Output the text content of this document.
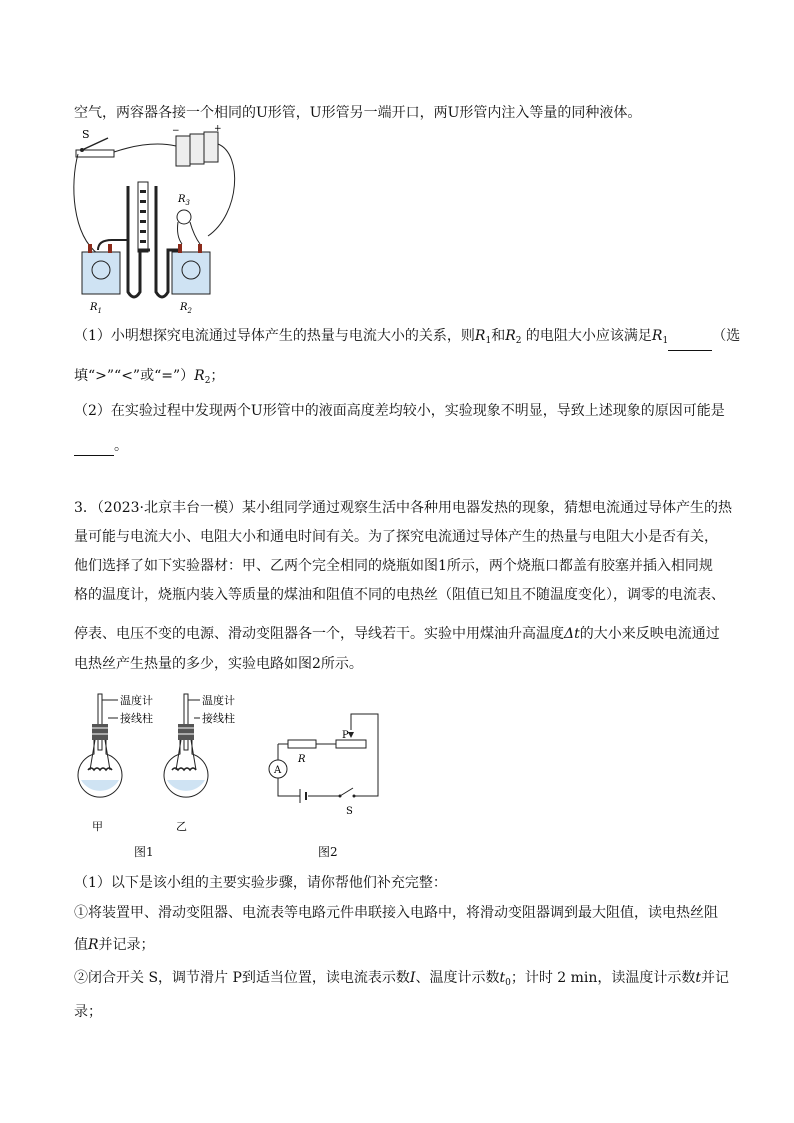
空气，两容器各接一个相同的U形管，U形管另一端开口，两U形管内注入等量的同种液体。
S	−	+
$R_3$
$R_1$	$R_2$
（1）小明想探究电流通过导体产生的热量与电流大小的关系，则$R_1$和$R_2$ 的电阻大小应该满足$R_1$	（选
填“>”“<”或“$=”)R_2$；
（2）在实验过程中发现两个U形管中的液面高度差均较小，实验现象不明显，导致上述现象的原因可能是
。
3．（2023·北京丰台一模）某小组同学通过观察生活中各种用电器发热的现象，猜想电流通过导体产生的热
量可能与电流大小、电阻大小和通电时间有关。为了探究电流通过导体产生的热量与电阻大小是否有关，
他们选择了如下实验器材：甲、乙两个完全相同的烧瓶如图1所示，两个烧瓶口都盖有胶塞并插入相同规
格的温度计，烧瓶内装入等质量的煤油和阻值不同的电热丝（阻值已知且不随温度变化），调零的电流表、
停表、电压不变的电源、滑动变阻器各一个，导线若干。实验中用煤油升高温度Δt的大小来反映电流通过
电热丝产生热量的多少，实验电路如图2所示。
温度计
接线柱
温度计
接线柱
甲	乙
图1
A
P
R
S
图2
（1）以下是该小组的主要实验步骤，请你帮他们补充完整：
①将装置甲、滑动变阻器、电流表等电路元件串联接入电路中，将滑动变阻器调到最大阻值，读电热丝阻
值R并记录；
②闭合开关 S，调节滑片 P到适当位置，读电流表示数I、温度计示数$t_0$；计时 2 min，读温度计示数t并记
录；
